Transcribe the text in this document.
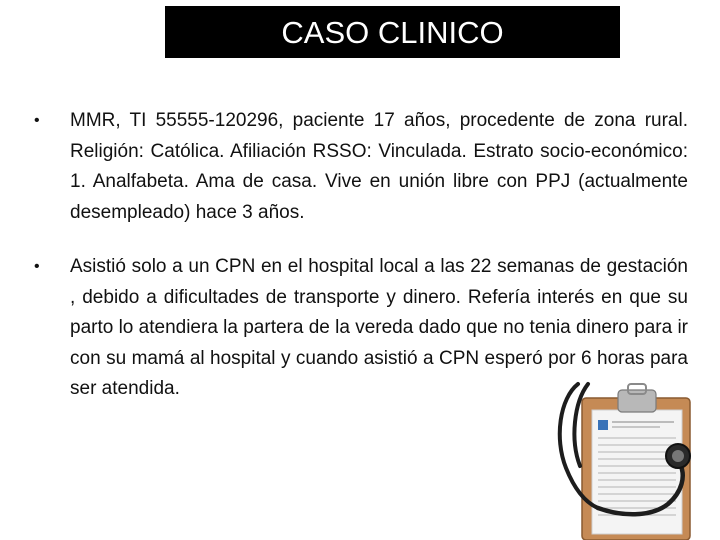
CASO CLINICO
• MMR, TI 55555-120296, paciente 17 años, procedente de zona rural. Religión: Católica. Afiliación RSSO: Vinculada. Estrato socio-económico: 1. Analfabeta. Ama de casa. Vive en unión libre con PPJ (actualmente desempleado) hace 3 años.
• Asistió solo a un CPN en el hospital local a las 22 semanas de gestación , debido a dificultades de transporte y dinero. Refería interés en que su parto lo atendiera la partera de la vereda dado que no tenia dinero para ir con su mamá al hospital y cuando asistió a CPN esperó por 6 horas para ser atendida.
